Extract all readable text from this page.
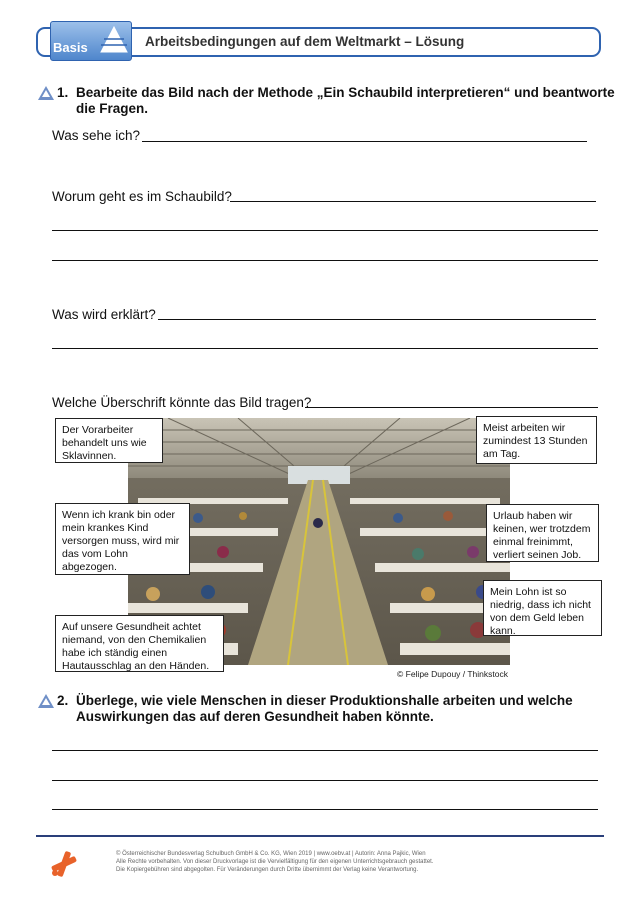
Basis	Arbeitsbedingungen auf dem Weltmarkt – Lösung
1. Bearbeite das Bild nach der Methode „Ein Schaubild interpretieren“ und beantworte
die Fragen.
Was sehe ich?
Worum geht es im Schaubild?
Was wird erklärt?
Welche Überschrift könnte das Bild tragen?
Der Vorarbeiter behandelt uns wie Sklavinnen.
Meist arbeiten wir zumindest 13 Stunden am Tag.
Wenn ich krank bin oder mein krankes Kind versorgen muss, wird mir das vom Lohn abgezogen.
Urlaub haben wir keinen, wer trotzdem einmal freinimmt, verliert seinen Job.
Mein Lohn ist so niedrig, dass ich nicht von dem Geld leben kann.
Auf unsere Gesundheit achtet niemand, von den Chemikalien habe ich ständig einen Hautausschlag an den Händen.
© Felipe Dupouy / Thinkstock
2. Überlege, wie viele Menschen in dieser Produktionshalle arbeiten und welche
Auswirkungen das auf deren Gesundheit haben könnte.
© Österreichischer Bundesverlag Schulbuch GmbH & Co. KG, Wien 2019 | www.oebv.at | Autorin: Anna Pajkic, Wien
Alle Rechte vorbehalten. Von dieser Druckvorlage ist die Vervielfältigung für den eigenen Unterrichtsgebrauch gestattet.
Die Kopiergebühren sind abgegolten. Für Veränderungen durch Dritte übernimmt der Verlag keine Verantwortung.
